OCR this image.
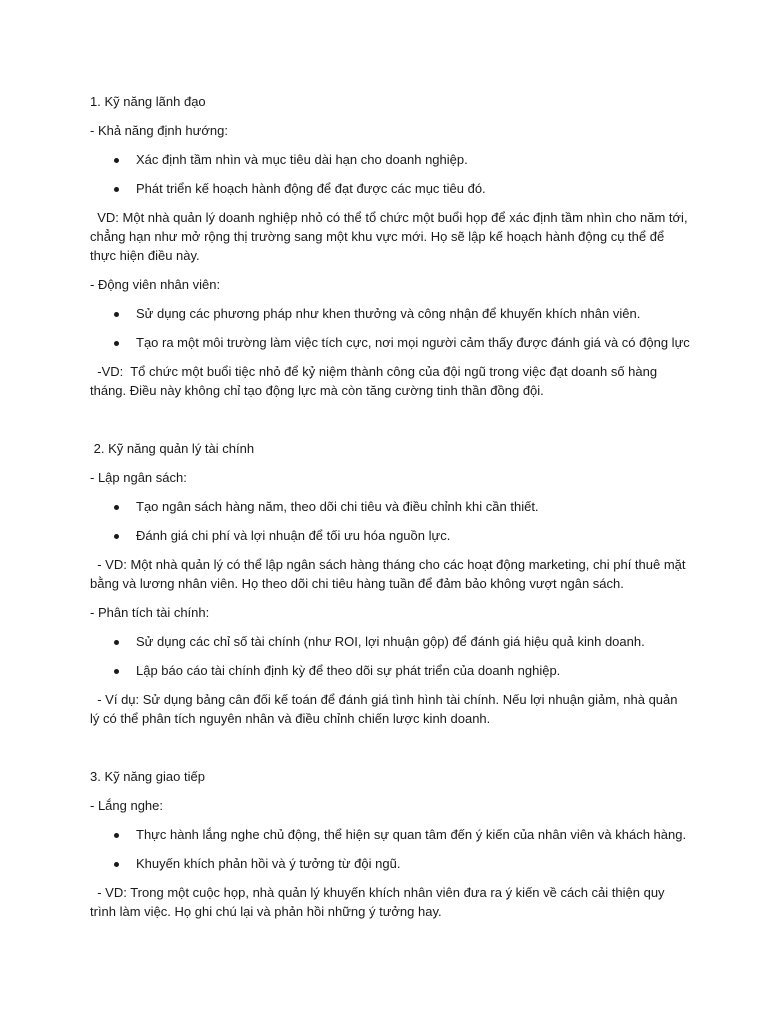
1. Kỹ năng lãnh đạo
- Khả năng định hướng:
Xác định tầm nhìn và mục tiêu dài hạn cho doanh nghiệp.
Phát triển kế hoạch hành động để đạt được các mục tiêu đó.
VD: Một nhà quản lý doanh nghiệp nhỏ có thể tổ chức một buổi họp để xác định tầm nhìn cho năm tới, chẳng hạn như mở rộng thị trường sang một khu vực mới. Họ sẽ lập kế hoạch hành động cụ thể để thực hiện điều này.
- Động viên nhân viên:
Sử dụng các phương pháp như khen thưởng và công nhận để khuyến khích nhân viên.
Tạo ra một môi trường làm việc tích cực, nơi mọi người cảm thấy được đánh giá và có động lực
-VD:  Tổ chức một buổi tiệc nhỏ để kỷ niệm thành công của đội ngũ trong việc đạt doanh số hàng tháng. Điều này không chỉ tạo động lực mà còn tăng cường tinh thần đồng đội.
2. Kỹ năng quản lý tài chính
- Lập ngân sách:
Tạo ngân sách hàng năm, theo dõi chi tiêu và điều chỉnh khi cần thiết.
Đánh giá chi phí và lợi nhuận để tối ưu hóa nguồn lực.
- VD: Một nhà quản lý có thể lập ngân sách hàng tháng cho các hoạt động marketing, chi phí thuê mặt bằng và lương nhân viên. Họ theo dõi chi tiêu hàng tuần để đảm bảo không vượt ngân sách.
- Phân tích tài chính:
Sử dụng các chỉ số tài chính (như ROI, lợi nhuận gộp) để đánh giá hiệu quả kinh doanh.
Lập báo cáo tài chính định kỳ để theo dõi sự phát triển của doanh nghiệp.
- Ví dụ: Sử dụng bảng cân đối kế toán để đánh giá tình hình tài chính. Nếu lợi nhuận giảm, nhà quản lý có thể phân tích nguyên nhân và điều chỉnh chiến lược kinh doanh.
3. Kỹ năng giao tiếp
- Lắng nghe:
Thực hành lắng nghe chủ động, thể hiện sự quan tâm đến ý kiến của nhân viên và khách hàng.
Khuyến khích phản hồi và ý tưởng từ đội ngũ.
- VD: Trong một cuộc họp, nhà quản lý khuyến khích nhân viên đưa ra ý kiến về cách cải thiện quy trình làm việc. Họ ghi chú lại và phản hồi những ý tưởng hay.
